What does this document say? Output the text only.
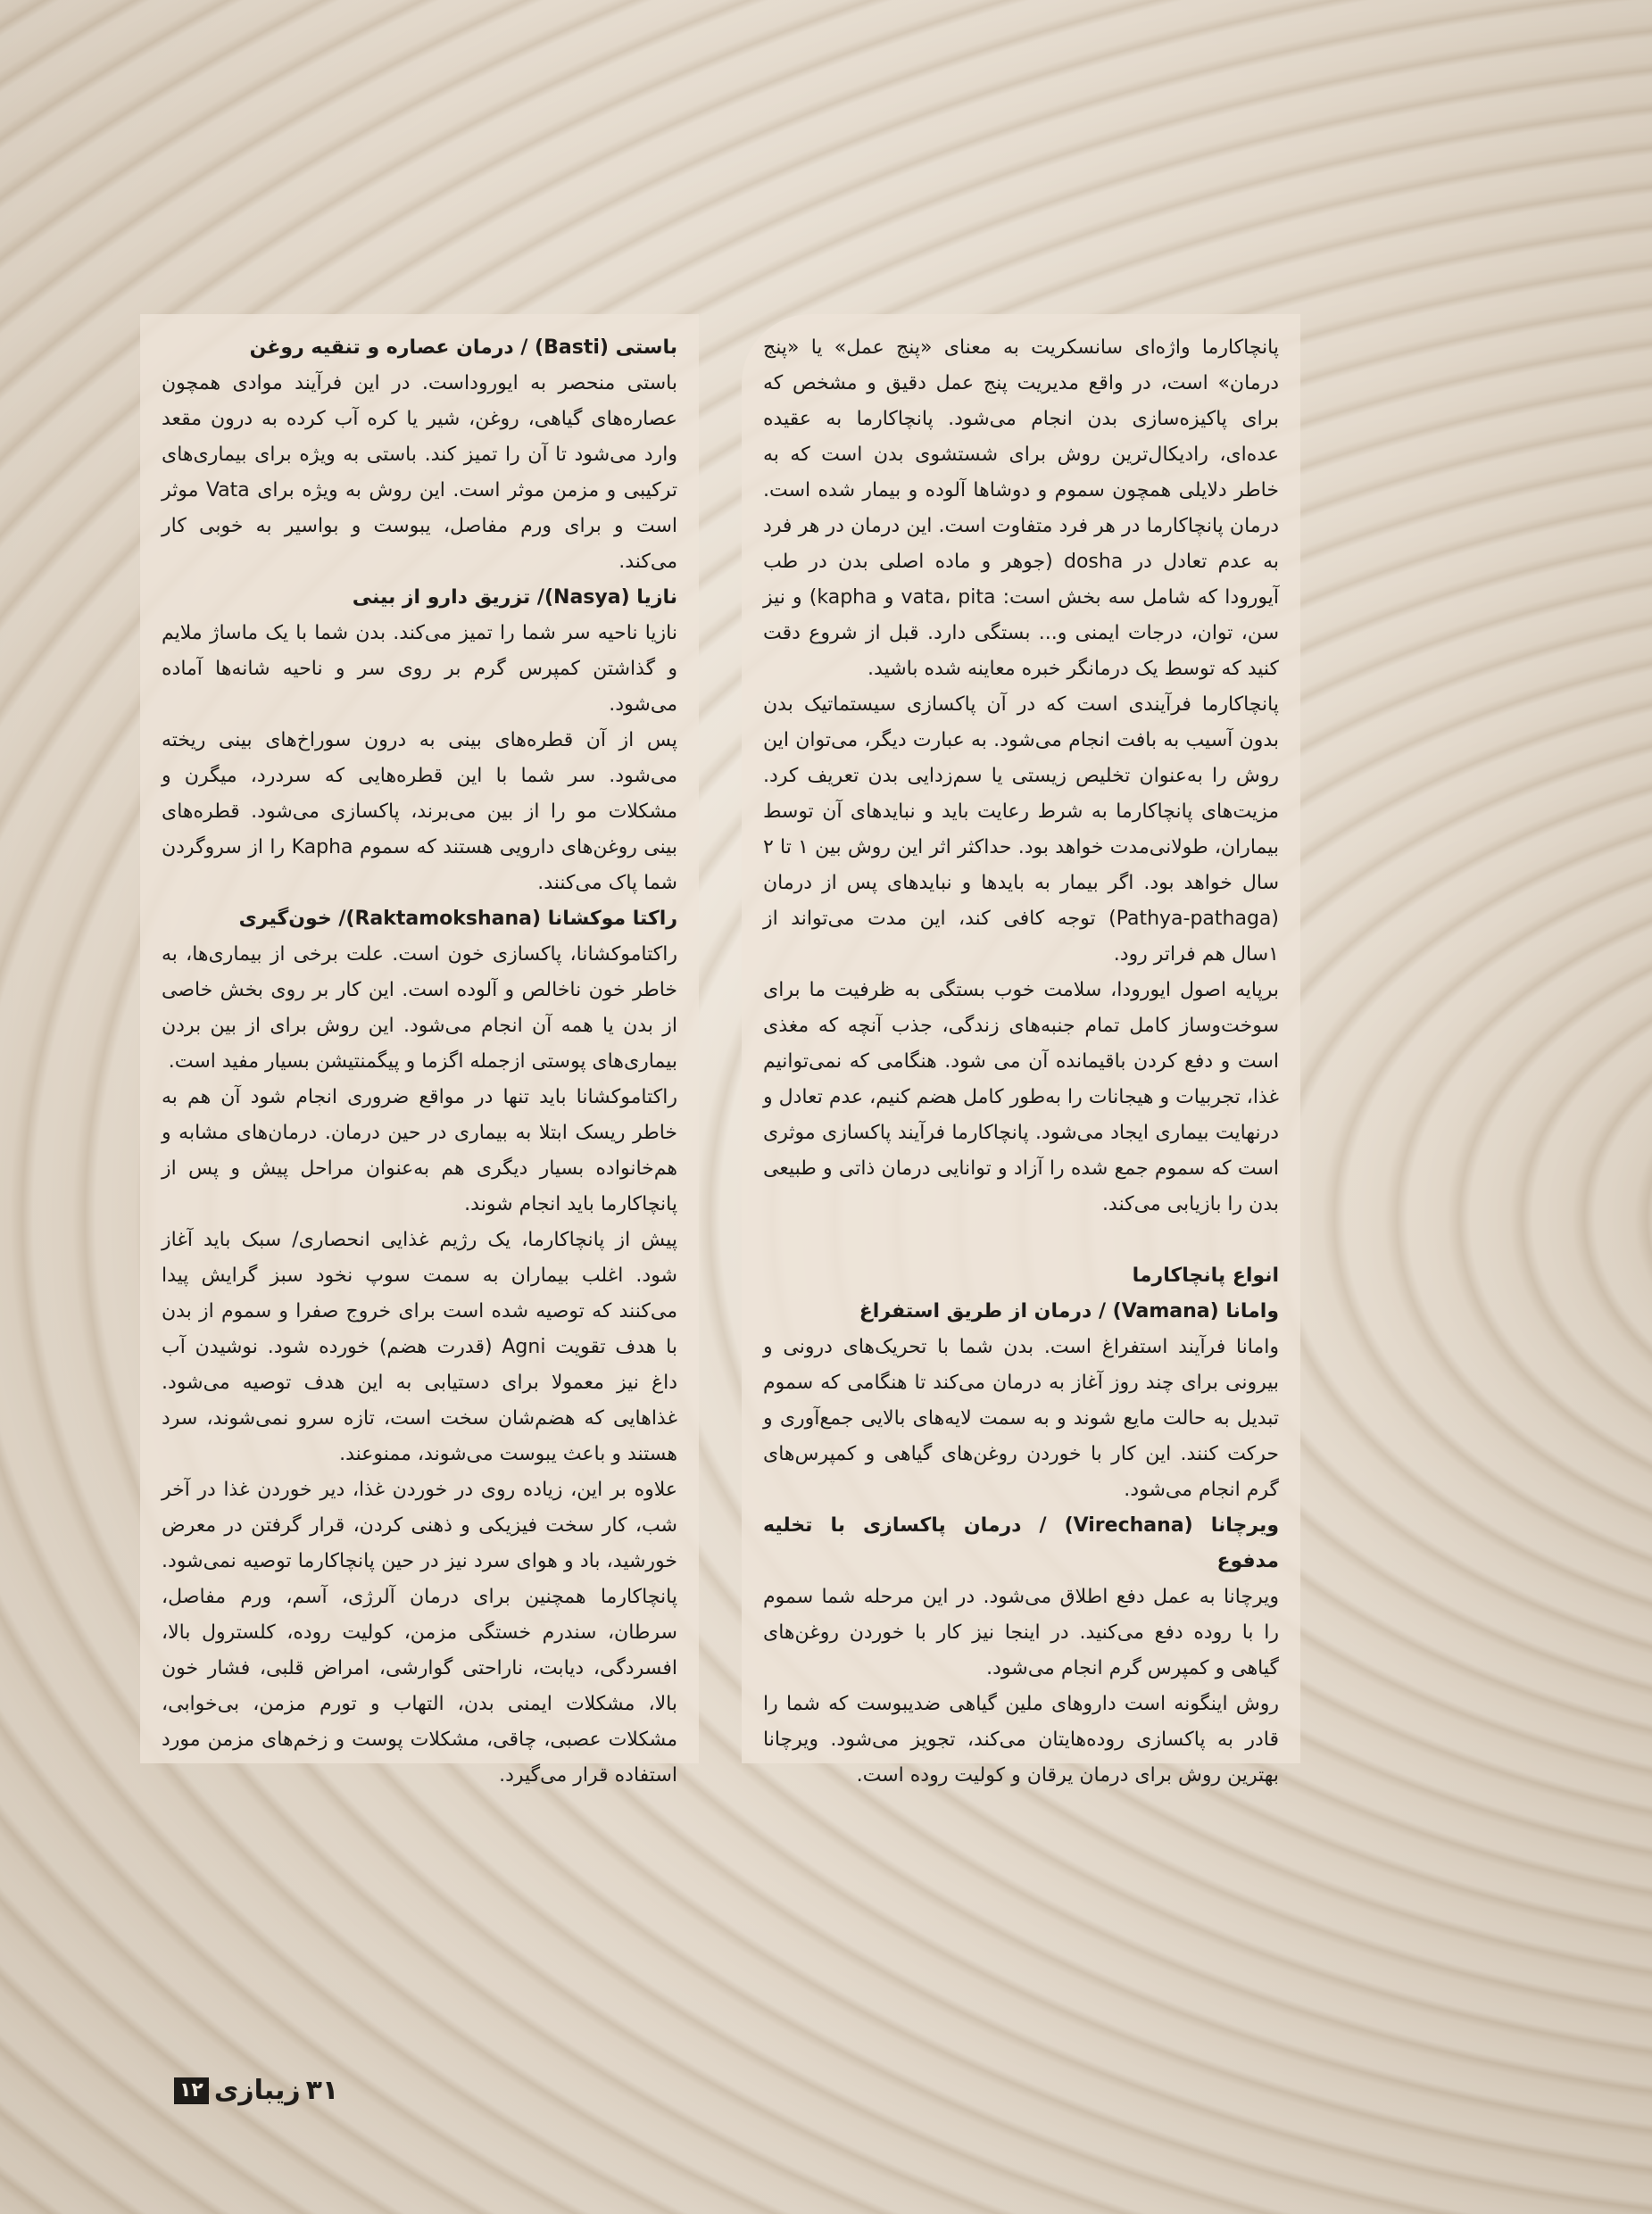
پانچاکارما واژه‌ای سانسکریت به معنای «پنج عمل» یا «پنج درمان» است، در واقع مدیریت پنج عمل دقیق و مشخص که برای پاکیزه‌سازی بدن انجام می‌شود. پانچاکارما به عقیده عده‌ای، رادیکال‌ترین روش برای شستشوی بدن است که به خاطر دلایلی همچون سموم و دوشاها آلوده و بیمار شده است. درمان پانچاکارما در هر فرد متفاوت است. این درمان در هر فرد به عدم تعادل در dosha (جوهر و ماده اصلی بدن در طب آیورودا که شامل سه بخش است: vata، pita و kapha) و نیز سن، توان، درجات ایمنی و... بستگی دارد. قبل از شروع دقت کنید که توسط یک درمانگر خبره معاینه شده باشید.

پانچاکارما فرآیندی است که در آن پاکسازی سیستماتیک بدن بدون آسیب به بافت انجام می‌شود. به عبارت دیگر، می‌توان این روش را به‌عنوان تخلیص زیستی یا سم‌زدایی بدن تعریف کرد. مزیت‌های پانچاکارما به شرط رعایت باید و نبایدهای آن توسط بیماران، طولانی‌مدت خواهد بود. حداکثر اثر این روش بین ۱ تا ۲ سال خواهد بود. اگر بیمار به بایدها و نبایدهای پس از درمان (Pathya-pathaga) توجه کافی کند، این مدت می‌تواند از ۱سال هم فراتر رود.

برپایه اصول ایورودا، سلامت خوب بستگی به ظرفیت ما برای سوخت‌وساز کامل تمام جنبه‌های زندگی، جذب آنچه که مغذی است و دفع کردن باقیمانده آن می شود. هنگامی که نمی‌توانیم غذا، تجربیات و هیجانات را به‌طور کامل هضم کنیم، عدم تعادل و درنهایت بیماری ایجاد می‌شود. پانچاکارما فرآیند پاکسازی موثری است که سموم جمع شده را آزاد و توانایی درمان ذاتی و طبیعی بدن را بازیابی می‌کند.

انواع پانچاکارما
وامانا (Vamana) / درمان از طریق استفراغ

وامانا فرآیند استفراغ است. بدن شما با تحریک‌های درونی و بیرونی برای چند روز آغاز به درمان می‌کند تا هنگامی که سموم تبدیل به حالت مایع شوند و به سمت لایه‌های بالایی جمع‌آوری و حرکت کنند. این کار با خوردن روغن‌های گیاهی و کمپرس‌های گرم انجام می‌شود.

ویرچانا (Virechana) / درمان پاکسازی با تخلیه مدفوع

ویرچانا به عمل دفع اطلاق می‌شود. در این مرحله شما سموم را با روده دفع می‌کنید. در اینجا نیز کار با خوردن روغن‌های گیاهی و کمپرس گرم انجام می‌شود.

روش اینگونه است داروهای ملین گیاهی ضدیبوست که شما را قادر به پاکسازی روده‌هایتان می‌کند، تجویز می‌شود. ویرچانا بهترین روش برای درمان یرقان و کولیت روده است.

باستی (Basti) / درمان عصاره و تنقیه روغن

باستی منحصر به ایورو‌داست. در این فرآیند موادی همچون عصاره‌های گیاهی، روغن، شیر یا کره آب کرده به درون مقعد وارد می‌شود تا آن را تمیز کند. باستی به ویژه برای بیماری‌های ترکیبی و مزمن موثر است. این روش به ویژه برای Vata موثر است و برای ورم مفاصل، یبوست و بواسیر به خوبی کار می‌کند.

نازیا (Nasya)/ تزریق دارو از بینی

نازیا ناحیه سر شما را تمیز می‌کند. بدن شما با یک ماساژ ملایم و گذاشتن کمپرس گرم بر روی سر و ناحیه شانه‌ها آماده می‌شود.

پس از آن قطره‌های بینی به درون سوراخ‌های بینی ریخته می‌شود. سر شما با این قطره‌هایی که سردرد، میگرن و مشکلات مو را از بین می‌برند، پاکسازی می‌شود. قطره‌های بینی روغن‌های دارویی هستند که سموم Kapha را از سروگردن شما پاک می‌کنند.

راکتا موکشانا (Raktamokshana)/ خون‌گیری

راکتاموکشانا، پاکسازی خون است. علت برخی از بیماری‌ها، به خاطر خون ناخالص و آلوده است. این کار بر روی بخش خاصی از بدن یا همه آن انجام می‌شود. این روش برای از بین بردن بیماری‌های پوستی ازجمله اگزما و پیگمنتیشن بسیار مفید است.

راکتاموکشانا باید تنها در مواقع ضروری انجام شود آن هم به خاطر ریسک ابتلا به بیماری در حین درمان. درمان‌های مشابه و هم‌خانواده بسیار دیگری هم به‌عنوان مراحل پیش و پس از پانچاکارما باید انجام شوند.

پیش از پانچاکارما، یک رژیم غذایی انحصاری/ سبک باید آغاز شود. اغلب بیماران به سمت سوپ نخود سبز گرایش پیدا می‌کنند که توصیه شده است برای خروج صفرا و سموم از بدن با هدف تقویت Agni (قدرت هضم) خورده شود. نوشیدن آب داغ نیز معمولا برای دستیابی به این هدف توصیه می‌شود. غذاهایی که هضم‌شان سخت است، تازه سرو نمی‌شوند، سرد هستند و باعث یبوست می‌شوند، ممنوعند.

علاوه بر این، زیاده روی در خوردن غذا، دیر خوردن غذا در آخر شب، کار سخت فیزیکی و ذهنی کردن، قرار گرفتن در معرض خورشید، باد و هوای سرد نیز در حین پانچاکارما توصیه نمی‌شود. پانچاکارما همچنین برای درمان آلرژی، آسم، ورم مفاصل، سرطان، سندرم خستگی مزمن، کولیت روده، کلسترول بالا، افسردگی، دیابت، ناراحتی گوارشی، امراض قلبی، فشار خون بالا، مشکلات ایمنی بدن، التهاب و تورم مزمن، بی‌خوابی، مشکلات عصبی، چاقی، مشکلات پوست و زخم‌های مزمن مورد استفاده قرار می‌گیرد.

۳۱
زیبازی
۱۲
